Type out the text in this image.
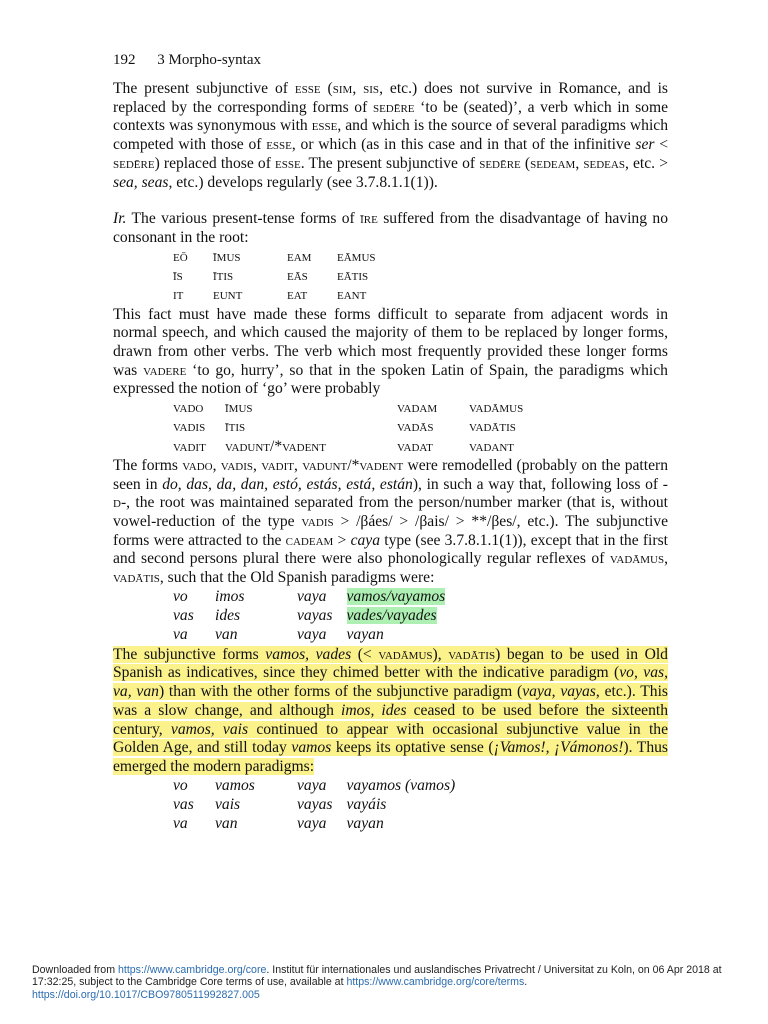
192 3 Morpho-syntax

The present subjunctive of esse (sim, sis, etc.) does not survive in Romance, and is replaced by the corresponding forms of sedēre ‘to be (seated)’, a verb which in some contexts was synonymous with esse, and which is the source of several paradigms which competed with those of esse, or which (as in this case and in that of the infinitive ser < sedēre) replaced those of esse. The present subjunctive of sedēre (sedeam, sedeas, etc. > sea, seas, etc.) develops regularly (see 3.7.8.1.1(1)).

Ir. The various present-tense forms of īre suffered from the disadvantage of having no consonant in the root:

eō	īmus	eam	eāmus
īs	ītis	eās	eātis
it	eunt	eat	eant

This fact must have made these forms difficult to separate from adjacent words in normal speech, and which caused the majority of them to be replaced by longer forms, drawn from other verbs. The verb which most frequently provided these longer forms was vadere ‘to go, hurry’, so that in the spoken Latin of Spain, the paradigms which expressed the notion of ‘go’ were probably

vado	īmus	vadam	vadāmus
vadis	ītis	vadās	vadātis
vadit	vadunt/*vadent	vadat	vadant

The forms vado, vadis, vadit, vadunt/*vadent were remodelled (probably on the pattern seen in do, das, da, dan, estó, estás, está, están), in such a way that, following loss of -d-, the root was maintained separated from the person/number marker (that is, without vowel-reduction of the type vadis > /βáes/ > /βais/ > **/βes/, etc.). The subjunctive forms were attracted to the cadeam > caya type (see 3.7.8.1.1(1)), except that in the first and second persons plural there were also phonologically regular reflexes of vadāmus, vadātis, such that the Old Spanish paradigms were:

vo	imos	vaya	vamos/vayamos
vas	ides	vayas	vades/vayades
va	van	vaya	vayan

The subjunctive forms vamos, vades (< vadāmus), vadātis) began to be used in Old Spanish as indicatives, since they chimed better with the indicative paradigm (vo, vas, va, van) than with the other forms of the subjunctive paradigm (vaya, vayas, etc.). This was a slow change, and although imos, ides ceased to be used before the sixteenth century, vamos, vais continued to appear with occasional subjunctive value in the Golden Age, and still today vamos keeps its optative sense (¡Vamos!, ¡Vámonos!). Thus emerged the modern paradigms:

vo	vamos	vaya	vayamos (vamos)
vas	vais	vayas	vayáis
va	van	vaya	vayan
Downloaded from https://www.cambridge.org/core. Institut für internationales und auslandisches Privatrecht / Universitat zu Koln, on 06 Apr 2018 at 17:32:25, subject to the Cambridge Core terms of use, available at https://www.cambridge.org/core/terms.
https://doi.org/10.1017/CBO9780511992827.005
